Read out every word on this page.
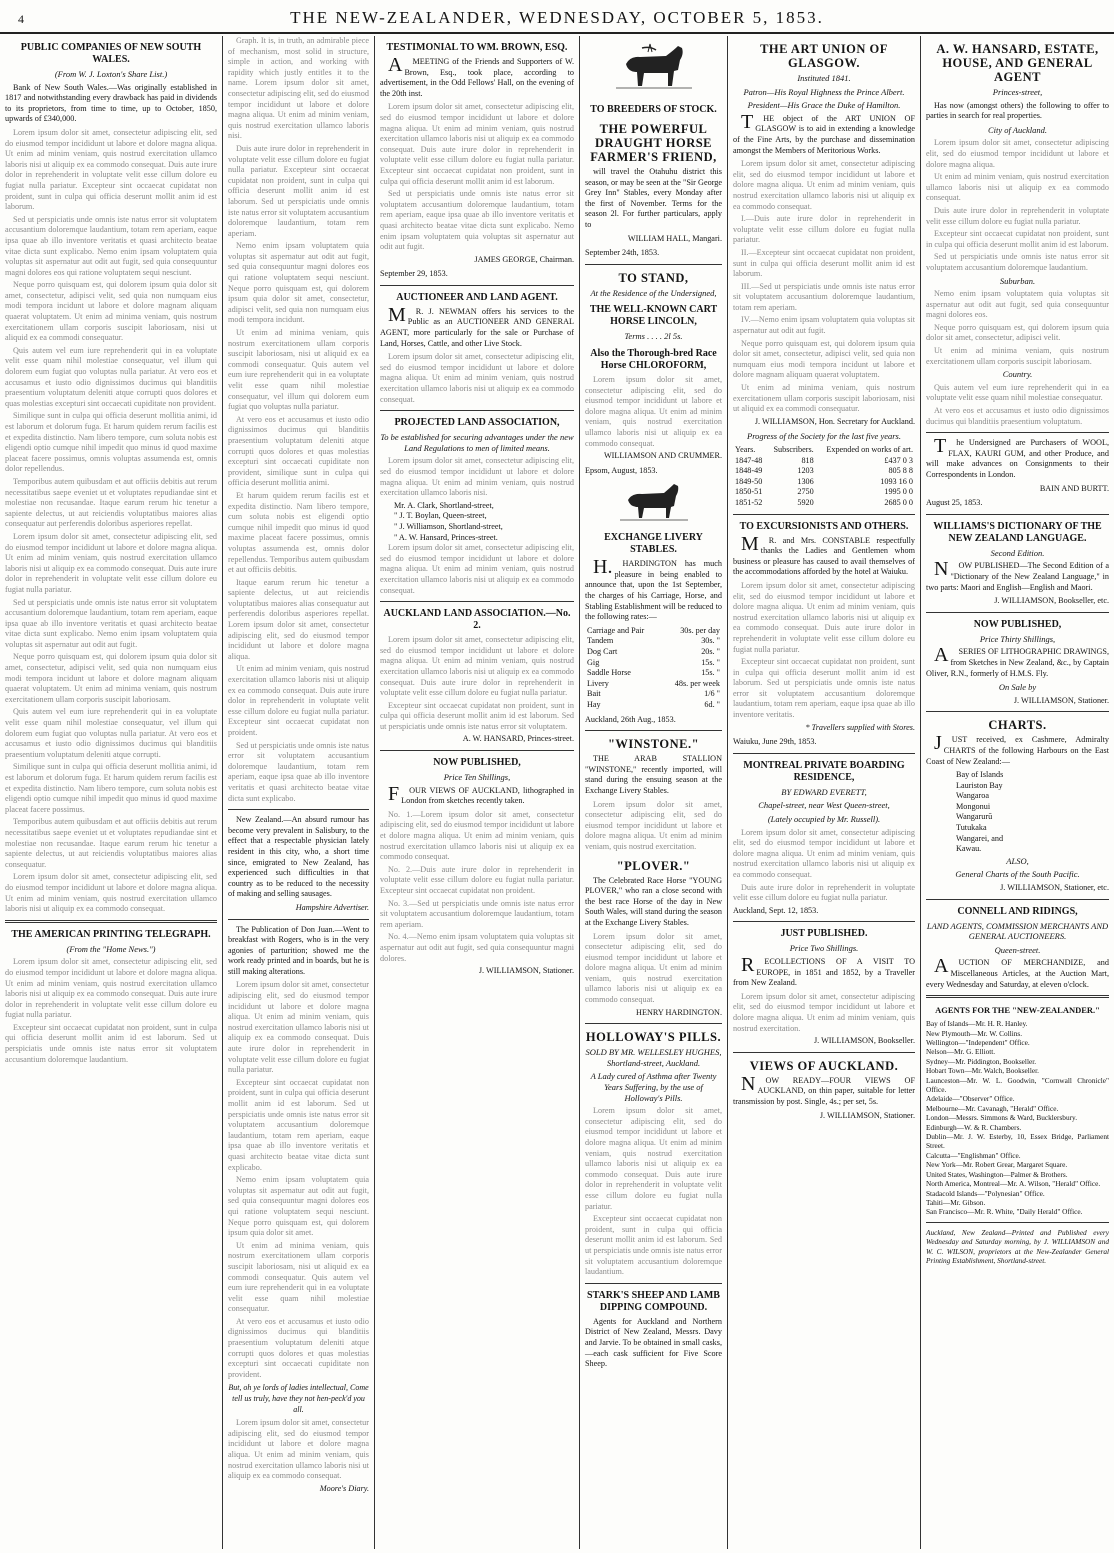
4	THE NEW-ZEALANDER, WEDNESDAY, OCTOBER 5, 1853.
PUBLIC COMPANIES OF NEW SOUTH WALES.
(From W. J. Loxton's Share List.)

Bank of New South Wales.—Was originally established in 1817 and notwithstanding every drawback has paid in dividends to its proprietors, from time to time, up to October, 1850, upwards of £340,000.

Lorem ipsum dolor sit amet, consectetur adipiscing elit, sed do eiusmod tempor incididunt ut labore et dolore magna aliqua. Ut enim ad minim veniam, quis nostrud exercitation ullamco laboris nisi ut aliquip ex ea commodo consequat. Duis aute irure dolor in reprehenderit in voluptate velit esse cillum dolore eu fugiat nulla pariatur. Excepteur sint occaecat cupidatat non proident, sunt in culpa qui officia deserunt mollit anim id est laborum.

Sed ut perspiciatis unde omnis iste natus error sit voluptatem accusantium doloremque laudantium, totam rem aperiam, eaque ipsa quae ab illo inventore veritatis et quasi architecto beatae vitae dicta sunt explicabo. Nemo enim ipsam voluptatem quia voluptas sit aspernatur aut odit aut fugit, sed quia consequuntur magni dolores eos qui ratione voluptatem sequi nesciunt.

Neque porro quisquam est, qui dolorem ipsum quia dolor sit amet, consectetur, adipisci velit, sed quia non numquam eius modi tempora incidunt ut labore et dolore magnam aliquam quaerat voluptatem. Ut enim ad minima veniam, quis nostrum exercitationem ullam corporis suscipit laboriosam, nisi ut aliquid ex ea commodi consequatur.

Quis autem vel eum iure reprehenderit qui in ea voluptate velit esse quam nihil molestiae consequatur, vel illum qui dolorem eum fugiat quo voluptas nulla pariatur. At vero eos et accusamus et iusto odio dignissimos ducimus qui blanditiis praesentium voluptatum deleniti atque corrupti quos dolores et quas molestias excepturi sint occaecati cupiditate non provident.

Similique sunt in culpa qui officia deserunt mollitia animi, id est laborum et dolorum fuga. Et harum quidem rerum facilis est et expedita distinctio. Nam libero tempore, cum soluta nobis est eligendi optio cumque nihil impedit quo minus id quod maxime placeat facere possimus, omnis voluptas assumenda est, omnis dolor repellendus.

Temporibus autem quibusdam et aut officiis debitis aut rerum necessitatibus saepe eveniet ut et voluptates repudiandae sint et molestiae non recusandae. Itaque earum rerum hic tenetur a sapiente delectus, ut aut reiciendis voluptatibus maiores alias consequatur aut perferendis doloribus asperiores repellat.

Lorem ipsum dolor sit amet, consectetur adipiscing elit, sed do eiusmod tempor incididunt ut labore et dolore magna aliqua. Ut enim ad minim veniam, quis nostrud exercitation ullamco laboris nisi ut aliquip ex ea commodo consequat. Duis aute irure dolor in reprehenderit in voluptate velit esse cillum dolore eu fugiat nulla pariatur.

Sed ut perspiciatis unde omnis iste natus error sit voluptatem accusantium doloremque laudantium, totam rem aperiam, eaque ipsa quae ab illo inventore veritatis et quasi architecto beatae vitae dicta sunt explicabo. Nemo enim ipsam voluptatem quia voluptas sit aspernatur aut odit aut fugit.

Neque porro quisquam est, qui dolorem ipsum quia dolor sit amet, consectetur, adipisci velit, sed quia non numquam eius modi tempora incidunt ut labore et dolore magnam aliquam quaerat voluptatem. Ut enim ad minima veniam, quis nostrum exercitationem ullam corporis suscipit laboriosam.

Quis autem vel eum iure reprehenderit qui in ea voluptate velit esse quam nihil molestiae consequatur, vel illum qui dolorem eum fugiat quo voluptas nulla pariatur. At vero eos et accusamus et iusto odio dignissimos ducimus qui blanditiis praesentium voluptatum deleniti atque corrupti.

Similique sunt in culpa qui officia deserunt mollitia animi, id est laborum et dolorum fuga. Et harum quidem rerum facilis est et expedita distinctio. Nam libero tempore, cum soluta nobis est eligendi optio cumque nihil impedit quo minus id quod maxime placeat facere possimus.

Temporibus autem quibusdam et aut officiis debitis aut rerum necessitatibus saepe eveniet ut et voluptates repudiandae sint et molestiae non recusandae. Itaque earum rerum hic tenetur a sapiente delectus, ut aut reiciendis voluptatibus maiores alias consequatur.

Lorem ipsum dolor sit amet, consectetur adipiscing elit, sed do eiusmod tempor incididunt ut labore et dolore magna aliqua. Ut enim ad minim veniam, quis nostrud exercitation ullamco laboris nisi ut aliquip ex ea commodo consequat.

THE AMERICAN PRINTING TELEGRAPH.
(From the "Home News.")

Lorem ipsum dolor sit amet, consectetur adipiscing elit, sed do eiusmod tempor incididunt ut labore et dolore magna aliqua. Ut enim ad minim veniam, quis nostrud exercitation ullamco laboris nisi ut aliquip ex ea commodo consequat. Duis aute irure dolor in reprehenderit in voluptate velit esse cillum dolore eu fugiat nulla pariatur.

Excepteur sint occaecat cupidatat non proident, sunt in culpa qui officia deserunt mollit anim id est laborum. Sed ut perspiciatis unde omnis iste natus error sit voluptatem accusantium doloremque laudantium.

Graph. It is, in truth, an admirable piece of mechanism, most solid in structure, simple in action, and working with rapidity which justly entitles it to the name. Lorem ipsum dolor sit amet, consectetur adipiscing elit, sed do eiusmod tempor incididunt ut labore et dolore magna aliqua. Ut enim ad minim veniam, quis nostrud exercitation ullamco laboris nisi.

Duis aute irure dolor in reprehenderit in voluptate velit esse cillum dolore eu fugiat nulla pariatur. Excepteur sint occaecat cupidatat non proident, sunt in culpa qui officia deserunt mollit anim id est laborum. Sed ut perspiciatis unde omnis iste natus error sit voluptatem accusantium doloremque laudantium, totam rem aperiam.

Nemo enim ipsam voluptatem quia voluptas sit aspernatur aut odit aut fugit, sed quia consequuntur magni dolores eos qui ratione voluptatem sequi nesciunt. Neque porro quisquam est, qui dolorem ipsum quia dolor sit amet, consectetur, adipisci velit, sed quia non numquam eius modi tempora incidunt.

Ut enim ad minima veniam, quis nostrum exercitationem ullam corporis suscipit laboriosam, nisi ut aliquid ex ea commodi consequatur. Quis autem vel eum iure reprehenderit qui in ea voluptate velit esse quam nihil molestiae consequatur, vel illum qui dolorem eum fugiat quo voluptas nulla pariatur.

At vero eos et accusamus et iusto odio dignissimos ducimus qui blanditiis praesentium voluptatum deleniti atque corrupti quos dolores et quas molestias excepturi sint occaecati cupiditate non provident, similique sunt in culpa qui officia deserunt mollitia animi.

Et harum quidem rerum facilis est et expedita distinctio. Nam libero tempore, cum soluta nobis est eligendi optio cumque nihil impedit quo minus id quod maxime placeat facere possimus, omnis voluptas assumenda est, omnis dolor repellendus. Temporibus autem quibusdam et aut officiis debitis.

Itaque earum rerum hic tenetur a sapiente delectus, ut aut reiciendis voluptatibus maiores alias consequatur aut perferendis doloribus asperiores repellat. Lorem ipsum dolor sit amet, consectetur adipiscing elit, sed do eiusmod tempor incididunt ut labore et dolore magna aliqua.

Ut enim ad minim veniam, quis nostrud exercitation ullamco laboris nisi ut aliquip ex ea commodo consequat. Duis aute irure dolor in reprehenderit in voluptate velit esse cillum dolore eu fugiat nulla pariatur. Excepteur sint occaecat cupidatat non proident.

Sed ut perspiciatis unde omnis iste natus error sit voluptatem accusantium doloremque laudantium, totam rem aperiam, eaque ipsa quae ab illo inventore veritatis et quasi architecto beatae vitae dicta sunt explicabo.

New Zealand.—An absurd rumour has become very prevalent in Salisbury, to the effect that a respectable physician lately resident in this city, who, a short time since, emigrated to New Zealand, has experienced such difficulties in that country as to be reduced to the necessity of making and selling sausages.

Hampshire Advertiser.

The Publication of Don Juan.—Went to breakfast with Rogers, who is in the very agonies of parturition; showed me the work ready printed and in boards, but he is still making alterations.

Lorem ipsum dolor sit amet, consectetur adipiscing elit, sed do eiusmod tempor incididunt ut labore et dolore magna aliqua. Ut enim ad minim veniam, quis nostrud exercitation ullamco laboris nisi ut aliquip ex ea commodo consequat. Duis aute irure dolor in reprehenderit in voluptate velit esse cillum dolore eu fugiat nulla pariatur.

Excepteur sint occaecat cupidatat non proident, sunt in culpa qui officia deserunt mollit anim id est laborum. Sed ut perspiciatis unde omnis iste natus error sit voluptatem accusantium doloremque laudantium, totam rem aperiam, eaque ipsa quae ab illo inventore veritatis et quasi architecto beatae vitae dicta sunt explicabo.

Nemo enim ipsam voluptatem quia voluptas sit aspernatur aut odit aut fugit, sed quia consequuntur magni dolores eos qui ratione voluptatem sequi nesciunt. Neque porro quisquam est, qui dolorem ipsum quia dolor sit amet.

Ut enim ad minima veniam, quis nostrum exercitationem ullam corporis suscipit laboriosam, nisi ut aliquid ex ea commodi consequatur. Quis autem vel eum iure reprehenderit qui in ea voluptate velit esse quam nihil molestiae consequatur.

At vero eos et accusamus et iusto odio dignissimos ducimus qui blanditiis praesentium voluptatum deleniti atque corrupti quos dolores et quas molestias excepturi sint occaecati cupiditate non provident.

But, oh ye lords of ladies intellectual, Come tell us truly, have they not hen-peck'd you all.

Lorem ipsum dolor sit amet, consectetur adipiscing elit, sed do eiusmod tempor incididunt ut labore et dolore magna aliqua. Ut enim ad minim veniam, quis nostrud exercitation ullamco laboris nisi ut aliquip ex ea commodo consequat.

Moore's Diary.
TESTIMONIAL TO WM. BROWN, ESQ.

AMEETING of the Friends and Supporters of W. Brown, Esq., took place, according to advertisement, in the Odd Fellows' Hall, on the evening of the 20th inst.

Lorem ipsum dolor sit amet, consectetur adipiscing elit, sed do eiusmod tempor incididunt ut labore et dolore magna aliqua. Ut enim ad minim veniam, quis nostrud exercitation ullamco laboris nisi ut aliquip ex ea commodo consequat. Duis aute irure dolor in reprehenderit in voluptate velit esse cillum dolore eu fugiat nulla pariatur. Excepteur sint occaecat cupidatat non proident, sunt in culpa qui officia deserunt mollit anim id est laborum.

Sed ut perspiciatis unde omnis iste natus error sit voluptatem accusantium doloremque laudantium, totam rem aperiam, eaque ipsa quae ab illo inventore veritatis et quasi architecto beatae vitae dicta sunt explicabo. Nemo enim ipsam voluptatem quia voluptas sit aspernatur aut odit aut fugit.

JAMES GEORGE, Chairman.
September 29, 1853.
AUCTIONEER AND LAND AGENT.

MR. J. NEWMAN offers his services to the Public as an AUCTIONEER AND GENERAL AGENT, more particularly for the sale or Purchase of Land, Horses, Cattle, and other Live Stock.

Lorem ipsum dolor sit amet, consectetur adipiscing elit, sed do eiusmod tempor incididunt ut labore et dolore magna aliqua. Ut enim ad minim veniam, quis nostrud exercitation ullamco laboris nisi ut aliquip ex ea commodo consequat.

PROJECTED LAND ASSOCIATION,
To be established for securing advantages under the new Land Regulations to men of limited means.

Lorem ipsum dolor sit amet, consectetur adipiscing elit, sed do eiusmod tempor incididunt ut labore et dolore magna aliqua. Ut enim ad minim veniam, quis nostrud exercitation ullamco laboris nisi.

Mr. A. Clark, Shortland-street,
" J. T. Boylan, Queen-street,
" J. Williamson, Shortland-street,
" A. W. Hansard, Princes-street.

Lorem ipsum dolor sit amet, consectetur adipiscing elit, sed do eiusmod tempor incididunt ut labore et dolore magna aliqua. Ut enim ad minim veniam, quis nostrud exercitation ullamco laboris nisi ut aliquip ex ea commodo consequat.

AUCKLAND LAND ASSOCIATION.—No. 2.

Lorem ipsum dolor sit amet, consectetur adipiscing elit, sed do eiusmod tempor incididunt ut labore et dolore magna aliqua. Ut enim ad minim veniam, quis nostrud exercitation ullamco laboris nisi ut aliquip ex ea commodo consequat. Duis aute irure dolor in reprehenderit in voluptate velit esse cillum dolore eu fugiat nulla pariatur.

Excepteur sint occaecat cupidatat non proident, sunt in culpa qui officia deserunt mollit anim id est laborum. Sed ut perspiciatis unde omnis iste natus error sit voluptatem.

A. W. HANSARD, Princes-street.
NOW PUBLISHED,
Price Ten Shillings,

FOUR VIEWS OF AUCKLAND, lithographed in London from sketches recently taken.

No. 1.—Lorem ipsum dolor sit amet, consectetur adipiscing elit, sed do eiusmod tempor incididunt ut labore et dolore magna aliqua. Ut enim ad minim veniam, quis nostrud exercitation ullamco laboris nisi ut aliquip ex ea commodo consequat.

No. 2.—Duis aute irure dolor in reprehenderit in voluptate velit esse cillum dolore eu fugiat nulla pariatur. Excepteur sint occaecat cupidatat non proident.

No. 3.—Sed ut perspiciatis unde omnis iste natus error sit voluptatem accusantium doloremque laudantium, totam rem aperiam.

No. 4.—Nemo enim ipsam voluptatem quia voluptas sit aspernatur aut odit aut fugit, sed quia consequuntur magni dolores.

J. WILLIAMSON, Stationer.
TO BREEDERS OF STOCK.
THE POWERFUL DRAUGHT HORSE FARMER'S FRIEND,

will travel the Otahuhu district this season, or may be seen at the "Sir George Grey Inn" Stables, every Monday after the first of November. Terms for the season 2l. For further particulars, apply to

WILLIAM HALL, Mangari.
September 24th, 1853.
TO STAND,
At the Residence of the Undersigned,
THE WELL-KNOWN CART HORSE LINCOLN,
Terms . . . . 2l 5s.
Also the Thorough-bred Race Horse CHLOROFORM,

Lorem ipsum dolor sit amet, consectetur adipiscing elit, sed do eiusmod tempor incididunt ut labore et dolore magna aliqua. Ut enim ad minim veniam, quis nostrud exercitation ullamco laboris nisi ut aliquip ex ea commodo consequat.

WILLIAMSON AND CRUMMER.
Epsom, August, 1853.
EXCHANGE LIVERY STABLES.

H.HARDINGTON has much pleasure in being enabled to announce that, upon the 1st September, the charges of his Carriage, Horse, and Stabling Establishment will be reduced to the following rates:—

Carriage and Pair	30s. per day
Tandem	30s. "
Dog Cart	20s. "
Gig	15s. "
Saddle Horse	15s. "
Livery	48s. per week
Bait	1/6 "
Hay	6d. "
Auckland, 26th Aug., 1853.
"WINSTONE."

THE ARAB STALLION "WINSTONE," recently imported, will stand during the ensuing season at the Exchange Livery Stables.

Lorem ipsum dolor sit amet, consectetur adipiscing elit, sed do eiusmod tempor incididunt ut labore et dolore magna aliqua. Ut enim ad minim veniam, quis nostrud exercitation.

"PLOVER."

The Celebrated Race Horse "YOUNG PLOVER," who ran a close second with the best race Horse of the day in New South Wales, will stand during the season at the Exchange Livery Stables.

Lorem ipsum dolor sit amet, consectetur adipiscing elit, sed do eiusmod tempor incididunt ut labore et dolore magna aliqua. Ut enim ad minim veniam, quis nostrud exercitation ullamco laboris nisi ut aliquip ex ea commodo consequat.

HENRY HARDINGTON.
HOLLOWAY'S PILLS.
SOLD BY MR. WELLESLEY HUGHES, Shortland-street, Auckland.
A Lady cured of Asthma after Twenty Years Suffering, by the use of Holloway's Pills.

Lorem ipsum dolor sit amet, consectetur adipiscing elit, sed do eiusmod tempor incididunt ut labore et dolore magna aliqua. Ut enim ad minim veniam, quis nostrud exercitation ullamco laboris nisi ut aliquip ex ea commodo consequat. Duis aute irure dolor in reprehenderit in voluptate velit esse cillum dolore eu fugiat nulla pariatur.

Excepteur sint occaecat cupidatat non proident, sunt in culpa qui officia deserunt mollit anim id est laborum. Sed ut perspiciatis unde omnis iste natus error sit voluptatem accusantium doloremque laudantium.

STARK'S SHEEP AND LAMB DIPPING COMPOUND.

Agents for Auckland and Northern District of New Zealand, Messrs. Davy and Jarvie. To be obtained in small casks,—each cask sufficient for Five Score Sheep.

THE ART UNION OF GLASGOW.
Instituted 1841.
Patron—His Royal Highness the Prince Albert.
President—His Grace the Duke of Hamilton.

THE object of the ART UNION OF GLASGOW is to aid in extending a knowledge of the Fine Arts, by the purchase and dissemination amongst the Members of Meritorious Works.

Lorem ipsum dolor sit amet, consectetur adipiscing elit, sed do eiusmod tempor incididunt ut labore et dolore magna aliqua. Ut enim ad minim veniam, quis nostrud exercitation ullamco laboris nisi ut aliquip ex ea commodo consequat.

I.—Duis aute irure dolor in reprehenderit in voluptate velit esse cillum dolore eu fugiat nulla pariatur.

II.—Excepteur sint occaecat cupidatat non proident, sunt in culpa qui officia deserunt mollit anim id est laborum.

III.—Sed ut perspiciatis unde omnis iste natus error sit voluptatem accusantium doloremque laudantium, totam rem aperiam.

IV.—Nemo enim ipsam voluptatem quia voluptas sit aspernatur aut odit aut fugit.

Neque porro quisquam est, qui dolorem ipsum quia dolor sit amet, consectetur, adipisci velit, sed quia non numquam eius modi tempora incidunt ut labore et dolore magnam aliquam quaerat voluptatem.

Ut enim ad minima veniam, quis nostrum exercitationem ullam corporis suscipit laboriosam, nisi ut aliquid ex ea commodi consequatur.

J. WILLIAMSON, Hon. Secretary for Auckland.
Progress of the Society for the last five years.
Years.	Subscribers.	Expended on works of art.
1847-48	818	£437 0 3
1848-49	1203	805 8 8
1849-50	1306	1093 16 0
1850-51	2750	1995 0 0
1851-52	5920	2685 0 0
TO EXCURSIONISTS AND OTHERS.

MR. and Mrs. CONSTABLE respectfully thanks the Ladies and Gentlemen whom business or pleasure has caused to avail themselves of the accommodations afforded by the hotel at Waiuku.

Lorem ipsum dolor sit amet, consectetur adipiscing elit, sed do eiusmod tempor incididunt ut labore et dolore magna aliqua. Ut enim ad minim veniam, quis nostrud exercitation ullamco laboris nisi ut aliquip ex ea commodo consequat. Duis aute irure dolor in reprehenderit in voluptate velit esse cillum dolore eu fugiat nulla pariatur.

Excepteur sint occaecat cupidatat non proident, sunt in culpa qui officia deserunt mollit anim id est laborum. Sed ut perspiciatis unde omnis iste natus error sit voluptatem accusantium doloremque laudantium, totam rem aperiam, eaque ipsa quae ab illo inventore veritatis.

* Travellers supplied with Stores.
Waiuku, June 29th, 1853.
MONTREAL PRIVATE BOARDING RESIDENCE,
BY EDWARD EVERETT,
Chapel-street, near West Queen-street,
(Lately occupied by Mr. Russell).

Lorem ipsum dolor sit amet, consectetur adipiscing elit, sed do eiusmod tempor incididunt ut labore et dolore magna aliqua. Ut enim ad minim veniam, quis nostrud exercitation ullamco laboris nisi ut aliquip ex ea commodo consequat.

Duis aute irure dolor in reprehenderit in voluptate velit esse cillum dolore eu fugiat nulla pariatur.

Auckland, Sept. 12, 1853.
JUST PUBLISHED.
Price Two Shillings.

RECOLLECTIONS OF A VISIT TO EUROPE, in 1851 and 1852, by a Traveller from New Zealand.

Lorem ipsum dolor sit amet, consectetur adipiscing elit, sed do eiusmod tempor incididunt ut labore et dolore magna aliqua. Ut enim ad minim veniam, quis nostrud exercitation.

J. WILLIAMSON, Bookseller.
VIEWS OF AUCKLAND.

NOW READY—FOUR VIEWS OF AUCKLAND, on thin paper, suitable for letter transmission by post. Single, 4s.; per set, 5s.

J. WILLIAMSON, Stationer.
A. W. HANSARD, ESTATE, HOUSE, AND GENERAL AGENT
Princes-street,

Has now (amongst others) the following to offer to parties in search for real properties.

City of Auckland.

Lorem ipsum dolor sit amet, consectetur adipiscing elit, sed do eiusmod tempor incididunt ut labore et dolore magna aliqua.

Ut enim ad minim veniam, quis nostrud exercitation ullamco laboris nisi ut aliquip ex ea commodo consequat.

Duis aute irure dolor in reprehenderit in voluptate velit esse cillum dolore eu fugiat nulla pariatur.

Excepteur sint occaecat cupidatat non proident, sunt in culpa qui officia deserunt mollit anim id est laborum.

Sed ut perspiciatis unde omnis iste natus error sit voluptatem accusantium doloremque laudantium.

Suburban.

Nemo enim ipsam voluptatem quia voluptas sit aspernatur aut odit aut fugit, sed quia consequuntur magni dolores eos.

Neque porro quisquam est, qui dolorem ipsum quia dolor sit amet, consectetur, adipisci velit.

Ut enim ad minima veniam, quis nostrum exercitationem ullam corporis suscipit laboriosam.

Country.

Quis autem vel eum iure reprehenderit qui in ea voluptate velit esse quam nihil molestiae consequatur.

At vero eos et accusamus et iusto odio dignissimos ducimus qui blanditiis praesentium voluptatum.

The Undersigned are Purchasers of WOOL, FLAX, KAURI GUM, and other Produce, and will make advances on Consignments to their Correspondents in London.

BAIN AND BURTT.
August 25, 1853.
WILLIAMS'S DICTIONARY OF THE NEW ZEALAND LANGUAGE.
Second Edition.

NOW PUBLISHED—The Second Edition of a "Dictionary of the New Zealand Language," in two parts: Maori and English—English and Maori.

J. WILLIAMSON, Bookseller, etc.
NOW PUBLISHED,
Price Thirty Shillings,

ASERIES OF LITHOGRAPHIC DRAWINGS, from Sketches in New Zealand, &c., by Captain Oliver, R.N., formerly of H.M.S. Fly.

On Sale by
J. WILLIAMSON, Stationer.
CHARTS.

JUST received, ex Cashmere, Admiralty CHARTS of the following Harbours on the East Coast of New Zealand:—

Bay of Islands
Lauriston Bay
Wangaroa
Mongonui
Wangarurū
Tutukaka
Wangarei, and
Kawau.
ALSO,
General Charts of the South Pacific.
J. WILLIAMSON, Stationer, etc.
CONNELL AND RIDINGS,
LAND AGENTS, COMMISSION MERCHANTS AND GENERAL AUCTIONEERS.
Queen-street.

AUCTION OF MERCHANDIZE, and Miscellaneous Articles, at the Auction Mart, every Wednesday and Saturday, at eleven o'clock.

AGENTS FOR THE "NEW-ZEALANDER."
Bay of Islands—Mr. H. R. Hanley.
New Plymouth—Mr. W. Collins.
Wellington—"Independent" Office.
Nelson—Mr. G. Elliott.
Sydney—Mr. Piddington, Bookseller.
Hobart Town—Mr. Walch, Bookseller.
Launceston—Mr. W. L. Goodwin, "Cornwall Chronicle" Office.
Adelaide—"Observer" Office.
Melbourne—Mr. Cavanagh, "Herald" Office.
London—Messrs. Simmons & Ward, Bucklersbury.
Edinburgh—W. & R. Chambers.
Dublin—Mr. J. W. Esterby, 10, Essex Bridge, Parliament Street.
Calcutta—"Englishman" Office.
New York—Mr. Robert Grear, Margaret Square.
United States, Washington—Palmer & Brothers.
North America, Montreal—Mr. A. Wilson, "Herald" Office.
Stadacold Islands—"Polynesian" Office.
Tahiti—Mr. Gibson.
San Francisco—Mr. R. White, "Daily Herald" Office.
Auckland, New Zealand—Printed and Published every Wednesday and Saturday morning, by J. WILLIAMSON and W. C. WILSON, proprietors at the New-Zealander General Printing Establishment, Shortland-street.
